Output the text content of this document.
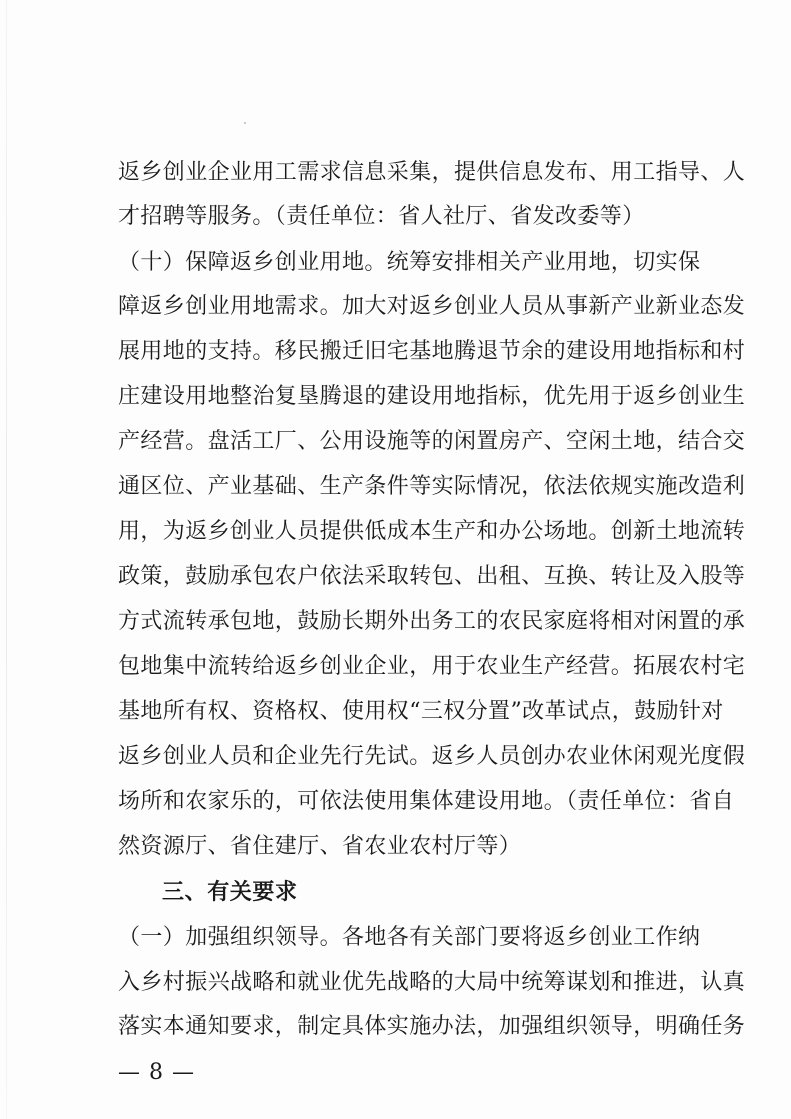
返乡创业企业用工需求信息采集，提供信息发布、用工指导、人
才招聘等服务。（责任单位：省人社厅、省发改委等）
（十）保障返乡创业用地。统筹安排相关产业用地，切实保
障返乡创业用地需求。加大对返乡创业人员从事新产业新业态发
展用地的支持。移民搬迁旧宅基地腾退节余的建设用地指标和村
庄建设用地整治复垦腾退的建设用地指标，优先用于返乡创业生
产经营。盘活工厂、公用设施等的闲置房产、空闲土地，结合交
通区位、产业基础、生产条件等实际情况，依法依规实施改造利
用，为返乡创业人员提供低成本生产和办公场地。创新土地流转
政策，鼓励承包农户依法采取转包、出租、互换、转让及入股等
方式流转承包地，鼓励长期外出务工的农民家庭将相对闲置的承
包地集中流转给返乡创业企业，用于农业生产经营。拓展农村宅
基地所有权、资格权、使用权“三权分置”改革试点，鼓励针对
返乡创业人员和企业先行先试。返乡人员创办农业休闲观光度假
场所和农家乐的，可依法使用集体建设用地。（责任单位：省自
然资源厅、省住建厅、省农业农村厅等）
三、有关要求
（一）加强组织领导。各地各有关部门要将返乡创业工作纳
入乡村振兴战略和就业优先战略的大局中统筹谋划和推进，认真
落实本通知要求，制定具体实施办法，加强组织领导，明确任务
— 8 —
